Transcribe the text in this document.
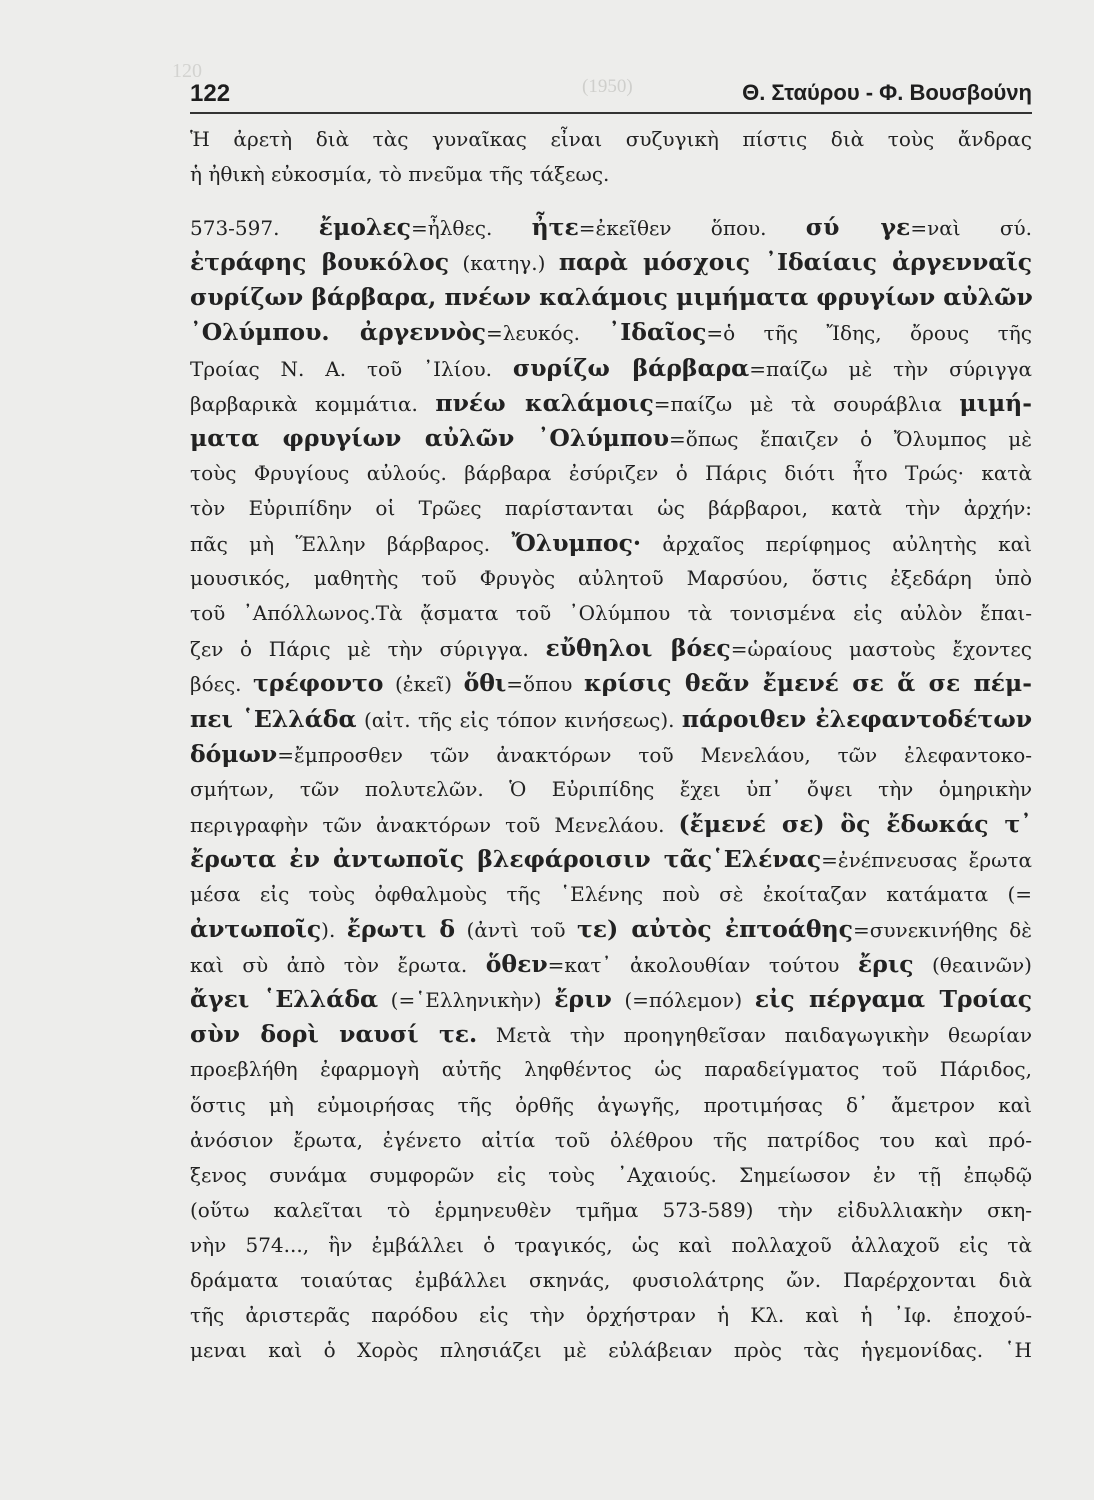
120
(1950)
122	Θ. Σταύρου - Φ. Βουσβούνη
Ἡ ἀρετὴ διὰ τὰς γυναῖκας εἶναι συζυγικὴ πίστις διὰ τοὺς ἄνδρας
ἡ ἠθικὴ εὐκοσμία, τὸ πνεῦμα τῆς τάξεως.
573-597. ἔμολες=ἦλθες. ἦτε=ἐκεῖθεν ὅπου. σύ γε=ναὶ σύ.
ἐτράφης βουκόλος (κατηγ.) παρὰ μόσχοις ᾽Ιδαίαις ἀργενναῖς
συρίζων βάρβαρα, πνέων καλάμοις μιμήματα φρυγίων αὐλῶν
᾽Ολύμπου. ἀργεννὸς=λευκός. ᾽Ιδαῖος=ὁ τῆς Ἴδης, ὄρους τῆς
Τροίας Ν. Α. τοῦ ᾽Ιλίου. συρίζω βάρβαρα=παίζω μὲ τὴν σύριγγα
βαρβαρικὰ κομμάτια. πνέω καλάμοις=παίζω μὲ τὰ σουράβλια μιμή-
ματα φρυγίων αὐλῶν ᾽Ολύμπου=ὅπως ἔπαιζεν ὁ Ὄλυμπος μὲ
τοὺς Φρυγίους αὐλούς. βάρβαρα ἐσύριζεν ὁ Πάρις διότι ἦτο Τρώς· κατὰ
τὸν Εὐριπίδην οἱ Τρῶες παρίστανται ὡς βάρβαροι, κατὰ τὴν ἀρχήν:
πᾶς μὴ Ἕλλην βάρβαρος. Ὄλυμπος· ἀρχαῖος περίφημος αὐλητὴς καὶ
μουσικός, μαθητὴς τοῦ Φρυγὸς αὐλητοῦ Μαρσύου, ὅστις ἐξεδάρη ὑπὸ
τοῦ ᾽Απόλλωνος.Τὰ ᾄσματα τοῦ ᾽Ολύμπου τὰ τονισμένα εἰς αὐλὸν ἔπαι-
ζεν ὁ Πάρις μὲ τὴν σύριγγα. εὔθηλοι βόες=ὡραίους μαστοὺς ἔχοντες
βόες. τρέφοντο (ἐκεῖ) ὅθι=ὅπου κρίσις θεᾶν ἔμενέ σε ἅ σε πέμ-
πει ῾Ελλάδα (αἰτ. τῆς εἰς τόπον κινήσεως). πάροιθεν ἐλεφαντοδέτων
δόμων=ἔμπροσθεν τῶν ἀνακτόρων τοῦ Μενελάου, τῶν ἐλεφαντοκο-
σμήτων, τῶν πολυτελῶν. Ὁ Εὐριπίδης ἔχει ὑπ᾽ ὄψει τὴν ὁμηρικὴν
περιγραφὴν τῶν ἀνακτόρων τοῦ Μενελάου. (ἔμενέ σε) ὃς ἔδωκάς τ᾽
ἔρωτα ἐν ἀντωποῖς βλεφάροισιν τᾶς῾Ελένας=ἐνέπνευσας ἔρωτα
μέσα εἰς τοὺς ὀφθαλμοὺς τῆς ῾Ελένης ποὺ σὲ ἐκοίταζαν κατάματα (=
ἀντωποῖς). ἔρωτι δ (ἀντὶ τοῦ τε) αὐτὸς ἐπτοάθης=συνεκινήθης δὲ
καὶ σὺ ἀπὸ τὸν ἔρωτα. ὅθεν=κατ᾽ ἀκολουθίαν τούτου ἔρις (θεαινῶν)
ἄγει ῾Ελλάδα (=῾Ελληνικὴν) ἔριν (=πόλεμον) εἰς πέργαμα Τροίας
σὺν δορὶ ναυσί τε. Μετὰ τὴν προηγηθεῖσαν παιδαγωγικὴν θεωρίαν
προεβλήθη ἐφαρμογὴ αὐτῆς ληφθέντος ὡς παραδείγματος τοῦ Πάριδος,
ὅστις μὴ εὐμοιρήσας τῆς ὀρθῆς ἀγωγῆς, προτιμήσας δ᾽ ἄμετρον καὶ
ἀνόσιον ἔρωτα, ἐγένετο αἰτία τοῦ ὀλέθρου τῆς πατρίδος του καὶ πρό-
ξενος συνάμα συμφορῶν εἰς τοὺς ᾽Αχαιούς. Σημείωσον ἐν τῇ ἐπῳδῷ
(οὕτω καλεῖται τὸ ἑρμηνευθὲν τμῆμα 573-589) τὴν εἰδυλλιακὴν σκη-
νὴν 574..., ἣν ἐμβάλλει ὁ τραγικός, ὡς καὶ πολλαχοῦ ἀλλαχοῦ εἰς τὰ
δράματα τοιαύτας ἐμβάλλει σκηνάς, φυσιολάτρης ὤν. Παρέρχονται διὰ
τῆς ἀριστερᾶς παρόδου εἰς τὴν ὀρχήστραν ἡ Κλ. καὶ ἡ ᾽Ιφ. ἐποχού-
μεναι καὶ ὁ Χορὸς πλησιάζει μὲ εὐλάβειαν πρὸς τὰς ἡγεμονίδας. ῾Η
